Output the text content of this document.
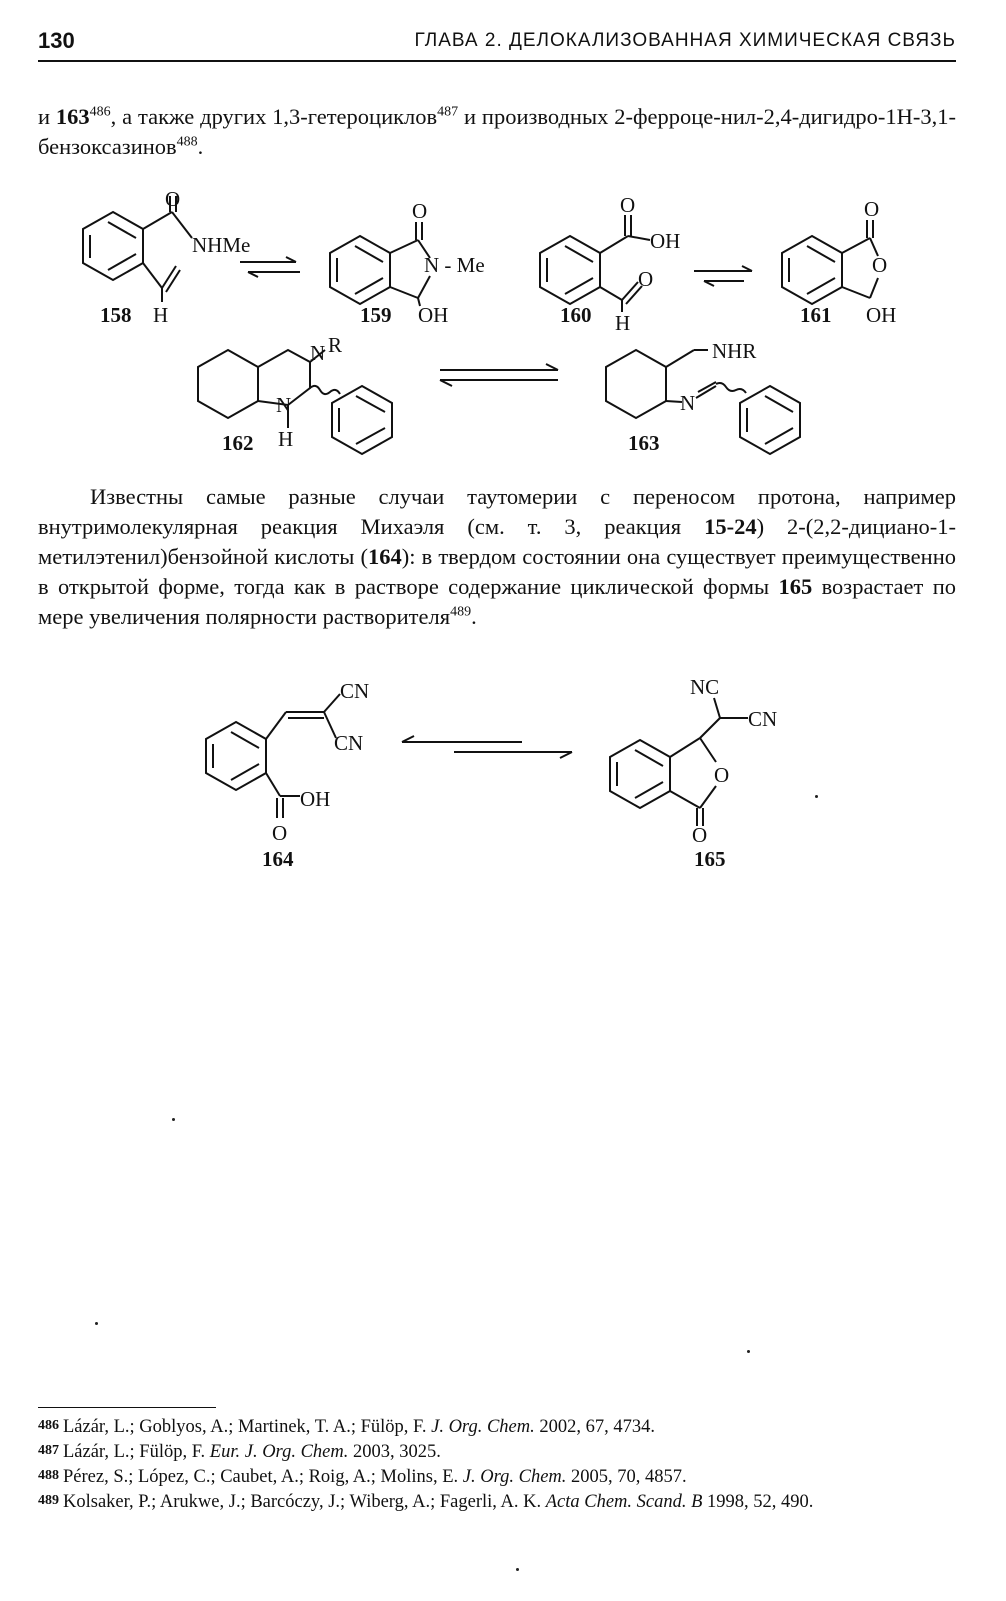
130	ГЛАВА 2. ДЕЛОКАЛИЗОВАННАЯ ХИМИЧЕСКАЯ СВЯЗЬ
и $163^{486}$, а также других 1,3-гетероциклов$^{487}$ и производных 2-ферроце-нил-2,4-дигидро-1Н-3,1-бензоксазинов$^{488}$.
O
NHMe
H
158
O
N - Me
OH
159
O
OH
O
H
160
O
O
OH
161
N R
N
H
162
NHR
N
163
Известны самые разные случаи таутомерии с переносом протона, например внутримолекулярная реакция Михаэля (см. т. 3, реакция 15-24) 2-(2,2-дициано-1-метилэтенил)бензойной кислоты (164): в твердом состоянии она существует преимущественно в открытой форме, тогда как в растворе содержание циклической формы 165 возрастает по мере увеличения полярности растворителя$^{489}$.
CN
CN
OH
O
164
NC
CN
O
O
165

486 Lázár, L.; Goblyos, A.; Martinek, T. A.; Fülöp, F. J. Org. Chem. 2002, 67, 4734.

487 Lázár, L.; Fülöp, F. Eur. J. Org. Chem. 2003, 3025.

488 Pérez, S.; López, C.; Caubet, A.; Roig, A.; Molins, E. J. Org. Chem. 2005, 70, 4857.

489 Kolsaker, P.; Arukwe, J.; Barcóczy, J.; Wiberg, A.; Fagerli, A. K. Acta Chem. Scand. B 1998, 52, 490.
